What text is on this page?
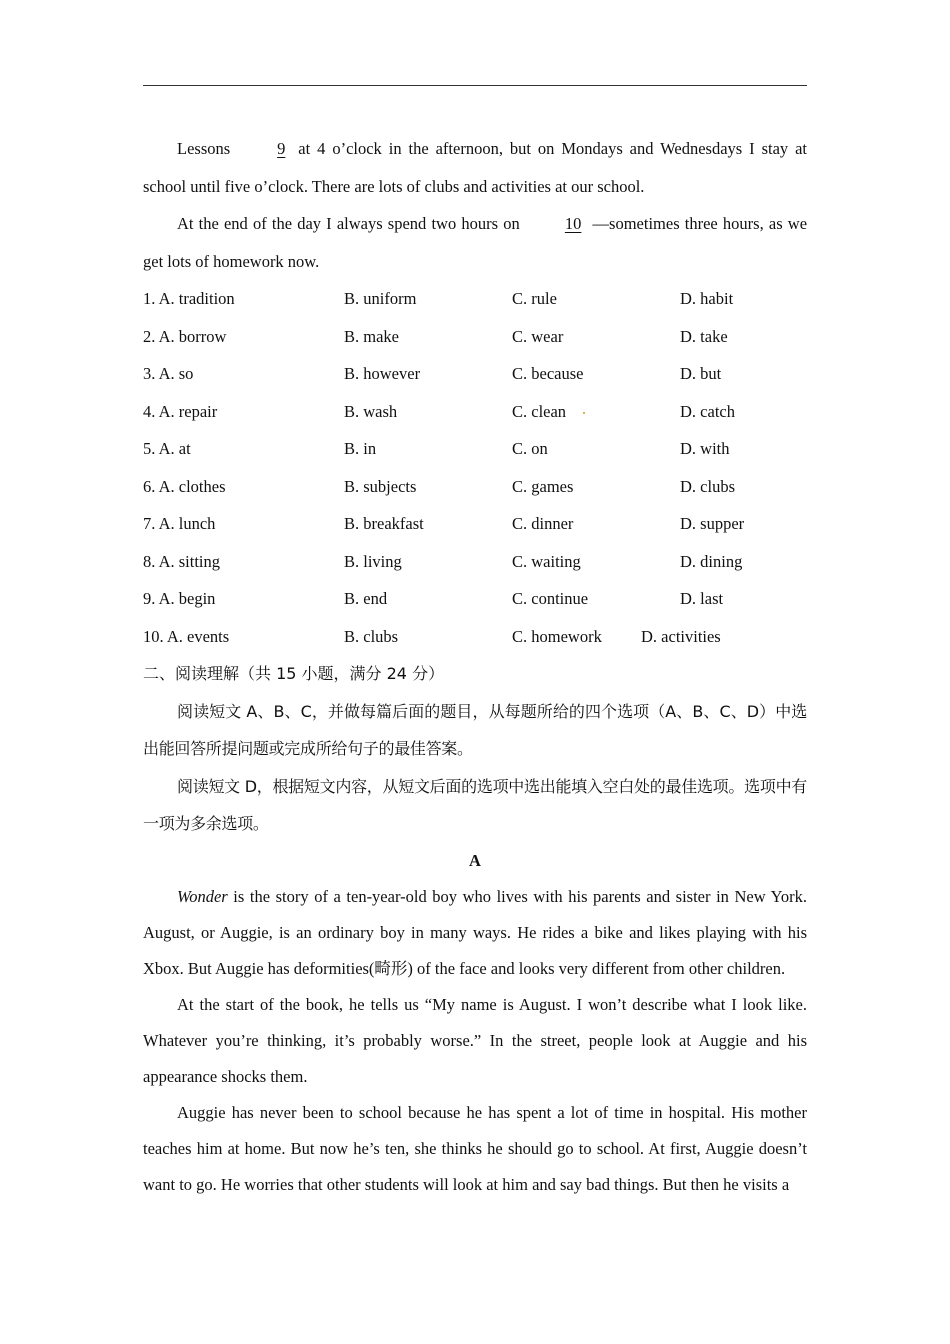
Lessons	9 at 4 o’clock in the afternoon, but on Mondays and Wednesdays I stay at school until five o’clock. There are lots of clubs and activities at our school.

At the end of the day I always spend two hours on	10 —sometimes three hours, as we get lots of homework now.

1. A. tradition	B. uniform	C. rule	D. habit
2. A. borrow	B. make	C. wear	D. take
3. A. so	B. however	C. because	D. but
4. A. repair	B. wash	C. clean	D. catch
5. A. at	B. in	C. on	D. with
6. A. clothes	B. subjects	C. games	D. clubs
7. A. lunch	B. breakfast	C. dinner	D. supper
8. A. sitting	B. living	C. waiting	D. dining
9. A. begin	B. end	C. continue	D. last
10. A. events	B. clubs	C. homework D. activities

二、阅读理解（共 15 小题，满分 24 分）

阅读短文 A、B、C，并做每篇后面的题目，从每题所给的四个选项（A、B、C、D）中选出能回答所提问题或完成所给句子的最佳答案。

阅读短文 D，根据短文内容，从短文后面的选项中选出能填入空白处的最佳选项。选项中有一项为多余选项。

A

Wonder is the story of a ten-year-old boy who lives with his parents and sister in New York. August, or Auggie, is an ordinary boy in many ways. He rides a bike and likes playing with his Xbox. But Auggie has deformities(畸形) of the face and looks very different from other children.

At the start of the book, he tells us “My name is August. I won’t describe what I look like. Whatever you’re thinking, it’s probably worse.” In the street, people look at Auggie and his appearance shocks them.

Auggie has never been to school because he has spent a lot of time in hospital. His mother teaches him at home. But now he’s ten, she thinks he should go to school. At first, Auggie doesn’t want to go. He worries that other students will look at him and say bad things. But then he visits a
